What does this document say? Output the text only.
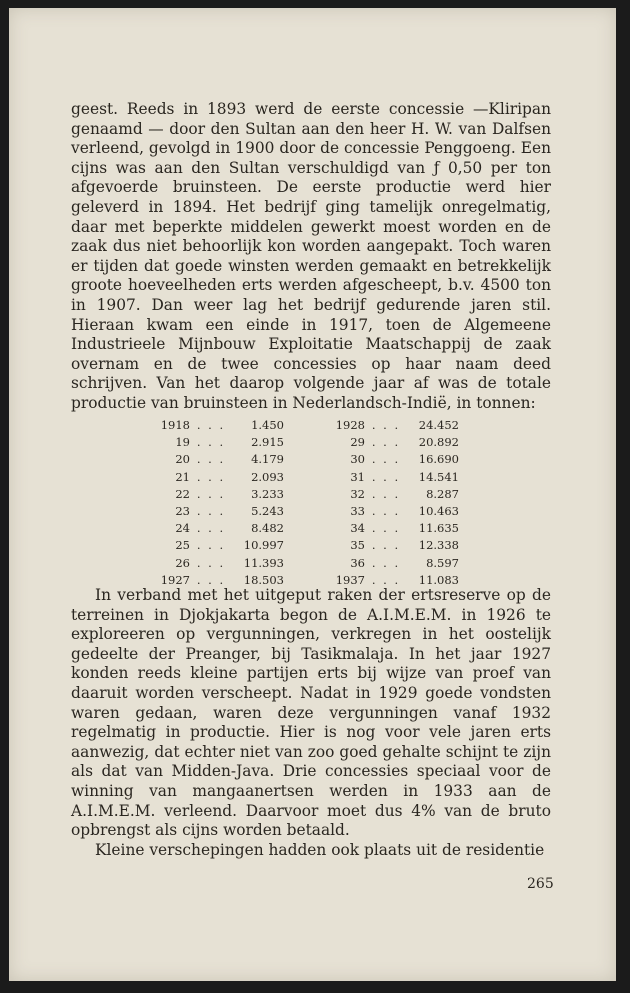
geest. Reeds in 1893 werd de eerste concessie —Kliripan genaamd — door den Sultan aan den heer H. W. van Dalfsen verleend, gevolgd in 1900 door de concessie Penggoeng. Een cijns was aan den Sultan verschuldigd van ƒ 0,50 per ton afgevoerde bruinsteen. De eerste productie werd hier geleverd in 1894. Het bedrijf ging tamelijk onregelmatig, daar met beperkte middelen gewerkt moest worden en de zaak dus niet behoorlijk kon worden aangepakt. Toch waren er tijden dat goede winsten werden gemaakt en betrekkelijk groote hoeveelheden erts werden afgescheept, b.v. 4500 ton in 1907. Dan weer lag het bedrijf gedurende jaren stil. Hieraan kwam een einde in 1917, toen de Algemeene Industrieele Mijnbouw Exploitatie Maatschappij de zaak overnam en de twee concessies op haar naam deed schrijven. Van het daarop volgende jaar af was de totale productie van bruinsteen in Nederlandsch-Indië, in tonnen:

1918 . . .	1.450
19 . . .	2.915
20 . . .	4.179
21 . . .	2.093
22 . . .	3.233
23 . . .	5.243
24 . . .	8.482
25 . . .	10.997
26 . . .	11.393
1927 . . .	18.503
1928 . . .	24.452
29 . . .	20.892
30 . . .	16.690
31 . . .	14.541
32 . . .	8.287
33 . . .	10.463
34 . . .	11.635
35 . . .	12.338
36 . . .	8.597
1937 . . .	11.083

In verband met het uitgeput raken der ertsreserve op de terreinen in Djokjakarta begon de A.I.M.E.M. in 1926 te exploreeren op vergunningen, verkregen in het oostelijk gedeelte der Preanger, bij Tasikmalaja. In het jaar 1927 konden reeds kleine partijen erts bij wijze van proef van daaruit worden verscheept. Nadat in 1929 goede vondsten waren gedaan, waren deze vergunningen vanaf 1932 regelmatig in productie. Hier is nog voor vele jaren erts aanwezig, dat echter niet van zoo goed gehalte schijnt te zijn als dat van Midden-Java. Drie concessies speciaal voor de winning van mangaanertsen werden in 1933 aan de A.I.M.E.M. verleend. Daarvoor moet dus 4% van de bruto opbrengst als cijns worden betaald.

Kleine verschepingen hadden ook plaats uit de residentie

265
